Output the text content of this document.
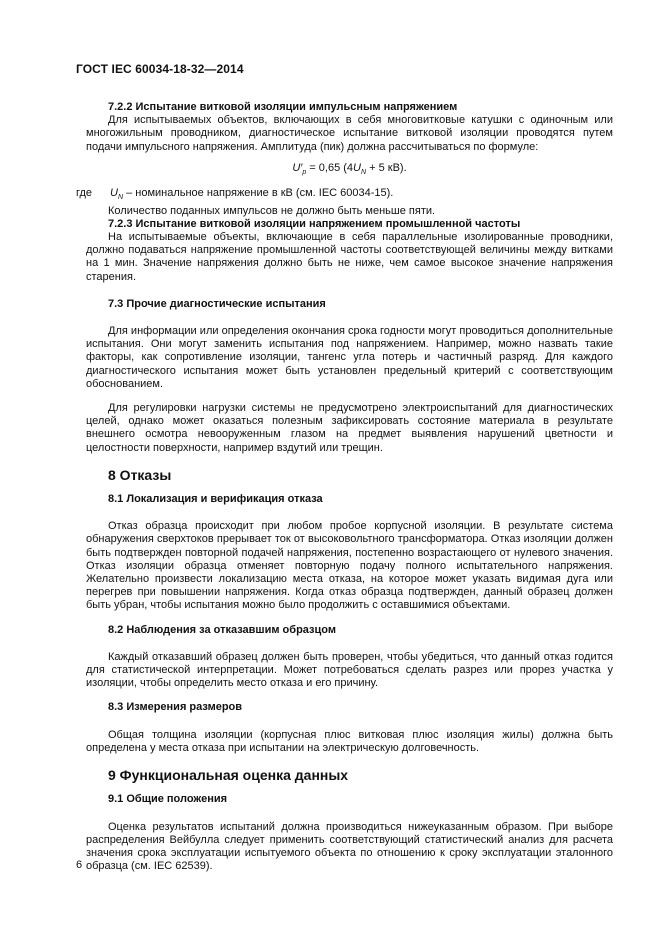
ГОСТ IEC 60034-18-32—2014

7.2.2 Испытание витковой изоляции импульсным напряжением

Для испытываемых объектов, включающих в себя многовитковые катушки с одиночным или многожильным проводником, диагностическое испытание витковой изоляции проводятся путем подачи импульсного напряжения. Амплитуда (пик) должна рассчитываться по формуле:

$U'_p = 0,65$ ($4U_N + 5$ кВ).
где	$U_N$ – номинальное напряжение в кВ (см. IEC 60034-15).

Количество поданных импульсов не должно быть меньше пяти.

7.2.3 Испытание витковой изоляции напряжением промышленной частоты

На испытываемые объекты, включающие в себя параллельные изолированные проводники, должно подаваться напряжение промышленной частоты соответствующей величины между витками на 1 мин. Значение напряжения должно быть не ниже, чем самое высокое значение напряжения старения.

7.3 Прочие диагностические испытания

Для информации или определения окончания срока годности могут проводиться дополнительные испытания. Они могут заменить испытания под напряжением. Например, можно назвать такие факторы, как сопротивление изоляции, тангенс угла потерь и частичный разряд. Для каждого диагностического испытания может быть установлен предельный критерий с соответствующим обоснованием.

Для регулировки нагрузки системы не предусмотрено электроиспытаний для диагностических целей, однако может оказаться полезным зафиксировать состояние материала в результате внешнего осмотра невооруженным глазом на предмет выявления нарушений цветности и целостности поверхности, например вздутий или трещин.

8 Отказы

8.1 Локализация и верификация отказа

Отказ образца происходит при любом пробое корпусной изоляции. В результате система обнаружения сверхтоков прерывает ток от высоковольтного трансформатора. Отказ изоляции должен быть подтвержден повторной подачей напряжения, постепенно возрастающего от нулевого значения. Отказ изоляции образца отменяет повторную подачу полного испытательного напряжения. Желательно произвести локализацию места отказа, на которое может указать видимая дуга или перегрев при повышении напряжения. Когда отказ образца подтвержден, данный образец должен быть убран, чтобы испытания можно было продолжить с оставшимися объектами.

8.2 Наблюдения за отказавшим образцом

Каждый отказавший образец должен быть проверен, чтобы убедиться, что данный отказ годится для статистической интерпретации. Может потребоваться сделать разрез или прорез участка у изоляции, чтобы определить место отказа и его причину.

8.3 Измерения размеров

Общая толщина изоляции (корпусная плюс витковая плюс изоляция жилы) должна быть определена у места отказа при испытании на электрическую долговечность.

9 Функциональная оценка данных

9.1 Общие положения

Оценка результатов испытаний должна производиться нижеуказанным образом. При выборе распределения Вейбулла следует применить соответствующий статистический анализ для расчета значения срока эксплуатации испытуемого объекта по отношению к сроку эксплуатации эталонного образца (см. IEC 62539).

6
